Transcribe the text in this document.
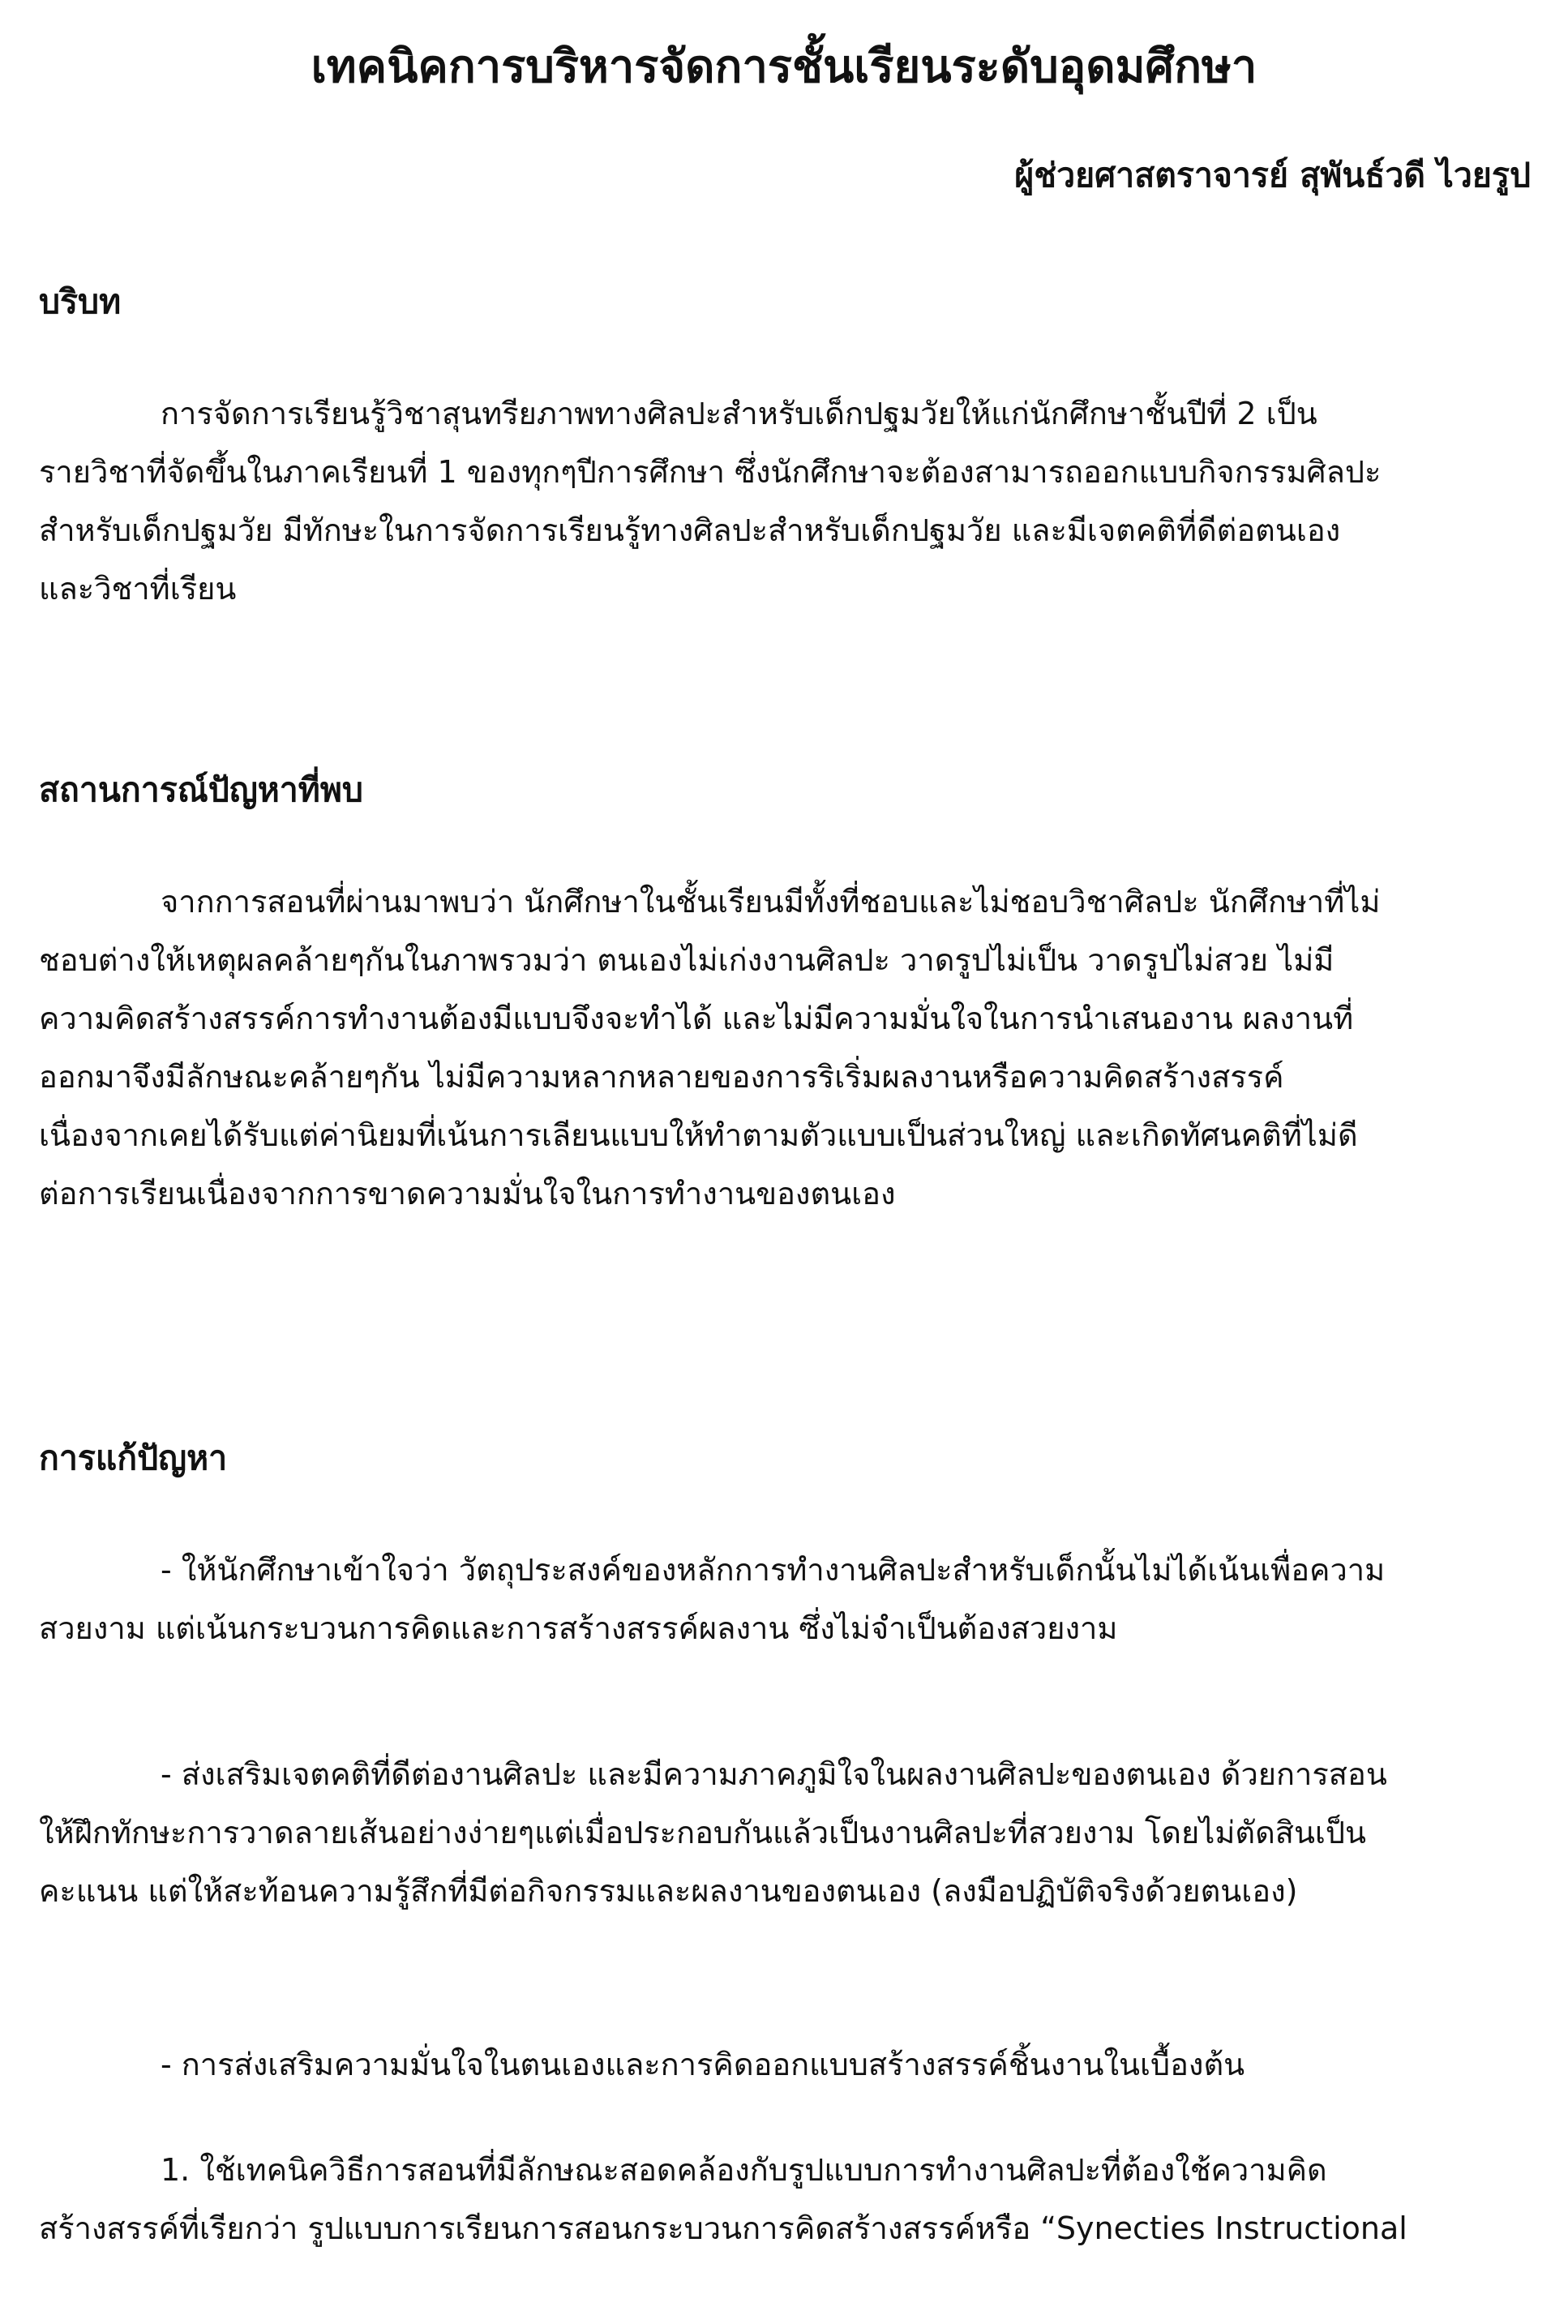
เทคนิคการบริหารจัดการชั้นเรียนระดับอุดมศึกษา
ผู้ช่วยศาสตราจารย์ สุพันธ์วดี ไวยรูป
บริบท
การจัดการเรียนรู้วิชาสุนทรียภาพทางศิลปะสำหรับเด็กปฐมวัยให้แก่นักศึกษาชั้นปีที่ 2 เป็น
รายวิชาที่จัดขึ้นในภาคเรียนที่ 1 ของทุกๆปีการศึกษา ซึ่งนักศึกษาจะต้องสามารถออกแบบกิจกรรมศิลปะ
สำหรับเด็กปฐมวัย มีทักษะในการจัดการเรียนรู้ทางศิลปะสำหรับเด็กปฐมวัย และมีเจตคติที่ดีต่อตนเอง
และวิชาที่เรียน
สถานการณ์ปัญหาที่พบ
จากการสอนที่ผ่านมาพบว่า นักศึกษาในชั้นเรียนมีทั้งที่ชอบและไม่ชอบวิชาศิลปะ นักศึกษาที่ไม่
ชอบต่างให้เหตุผลคล้ายๆกันในภาพรวมว่า ตนเองไม่เก่งงานศิลปะ วาดรูปไม่เป็น วาดรูปไม่สวย ไม่มี
ความคิดสร้างสรรค์การทำงานต้องมีแบบจึงจะทำได้ และไม่มีความมั่นใจในการนำเสนองาน ผลงานที่
ออกมาจึงมีลักษณะคล้ายๆกัน ไม่มีความหลากหลายของการริเริ่มผลงานหรือความคิดสร้างสรรค์
เนื่องจากเคยได้รับแต่ค่านิยมที่เน้นการเลียนแบบให้ทำตามตัวแบบเป็นส่วนใหญ่ และเกิดทัศนคติที่ไม่ดี
ต่อการเรียนเนื่องจากการขาดความมั่นใจในการทำงานของตนเอง
การแก้ปัญหา
- ให้นักศึกษาเข้าใจว่า วัตถุประสงค์ของหลักการทำงานศิลปะสำหรับเด็กนั้นไม่ได้เน้นเพื่อความ
สวยงาม แต่เน้นกระบวนการคิดและการสร้างสรรค์ผลงาน ซึ่งไม่จำเป็นต้องสวยงาม
- ส่งเสริมเจตคติที่ดีต่องานศิลปะ และมีความภาคภูมิใจในผลงานศิลปะของตนเอง ด้วยการสอน
ให้ฝึกทักษะการวาดลายเส้นอย่างง่ายๆแต่เมื่อประกอบกันแล้วเป็นงานศิลปะที่สวยงาม โดยไม่ตัดสินเป็น
คะแนน แต่ให้สะท้อนความรู้สึกที่มีต่อกิจกรรมและผลงานของตนเอง (ลงมือปฏิบัติจริงด้วยตนเอง)
- การส่งเสริมความมั่นใจในตนเองและการคิดออกแบบสร้างสรรค์ชิ้นงานในเบื้องต้น
1. ใช้เทคนิควิธีการสอนที่มีลักษณะสอดคล้องกับรูปแบบการทำงานศิลปะที่ต้องใช้ความคิด
สร้างสรรค์ที่เรียกว่า รูปแบบการเรียนการสอนกระบวนการคิดสร้างสรรค์หรือ “Synecties Instructional
